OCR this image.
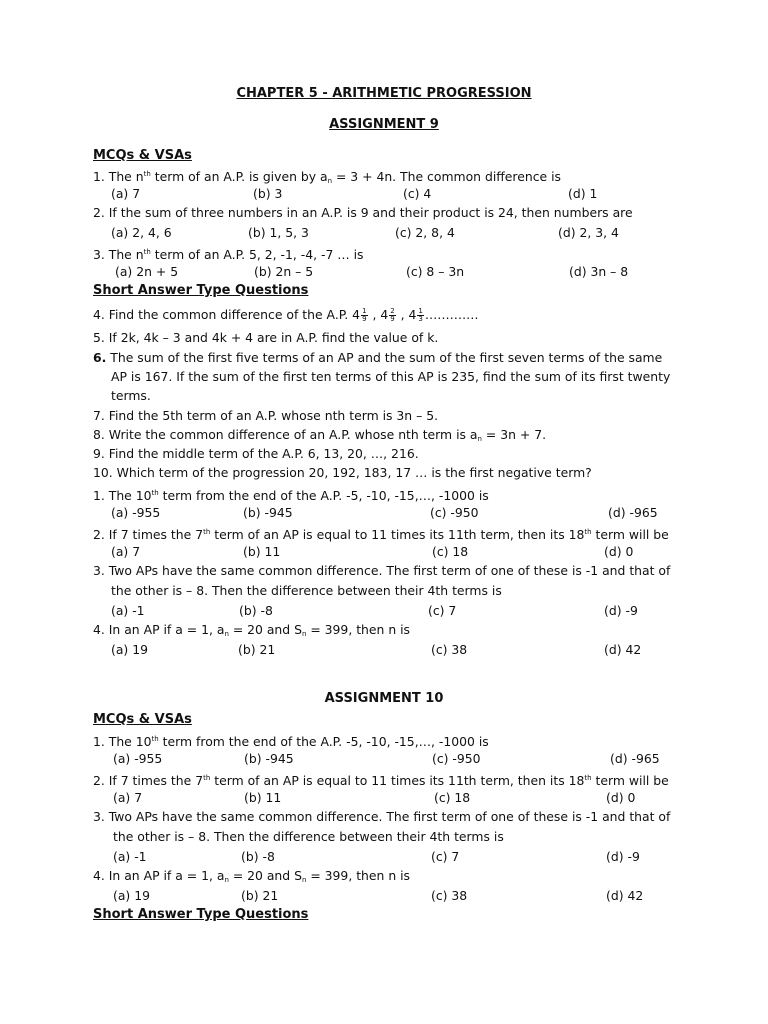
CHAPTER 5 - ARITHMETIC PROGRESSION
ASSIGNMENT 9
MCQs & VSAs
1. The $n^{th}$ term of an A.P. is given by $a_n = 3 + 4n$. The common difference is
(a) 7	(b) 3	(c) 4	(d) 1
2. If the sum of three numbers in an A.P. is 9 and their product is 24, then numbers are
(a) 2, 4, 6	(b) 1, 5, 3	(c) 2, 8, 4	(d) 2, 3, 4
3. The $n^{th}$ term of an A.P. 5, 2, -1, -4, -7 … is
(a) 2n + 5	(b) 2n – 5	(c) 8 – 3n	(d) 3n – 8
Short Answer Type Questions
4. Find the common difference of the A.P. $4 \frac{1}{9}$ , $4 \frac{2}{9}$ , $4 \frac{1}{3}$ ………….
5. If 2k, 4k – 3 and 4k + 4 are in A.P. find the value of k.
6. The sum of the first five terms of an AP and the sum of the first seven terms of the same
AP is 167. If the sum of the first ten terms of this AP is 235, find the sum of its first twenty
terms.
7. Find the 5th term of an A.P. whose nth term is 3n – 5.
8. Write the common difference of an A.P. whose nth term is $a_n = 3n + 7$.
9. Find the middle term of the A.P. 6, 13, 20, …, 216.
10. Which term of the progression 20, 192, 183, 17 … is the first negative term?
1. The 10th term from the end of the A.P. -5, -10, -15,…, -1000 is
(a) -955	(b) -945	(c) -950	(d) -965
2. If 7 times the 7th term of an AP is equal to 11 times its 11th term, then its 18th term will be
(a) 7	(b) 11	(c) 18	(d) 0
3. Two APs have the same common difference. The first term of one of these is -1 and that of
the other is – 8. Then the difference between their 4th terms is
(a) -1	(b) -8	(c) 7	(d) -9
4. In an AP if a = 1, $a_n = 20$ and $S_n = 399$, then n is
(a) 19	(b) 21	(c) 38	(d) 42
ASSIGNMENT 10
MCQs & VSAs
1. The 10th term from the end of the A.P. -5, -10, -15,…, -1000 is
(a) -955	(b) -945	(c) -950	(d) -965
2. If 7 times the 7th term of an AP is equal to 11 times its 11th term, then its 18th term will be
(a) 7	(b) 11	(c) 18	(d) 0
3. Two APs have the same common difference. The first term of one of these is -1 and that of
the other is – 8. Then the difference between their 4th terms is
(a) -1	(b) -8	(c) 7	(d) -9
4. In an AP if a = 1, $a_n = 20$ and $S_n = 399$, then n is
(a) 19	(b) 21	(c) 38	(d) 42
Short Answer Type Questions
